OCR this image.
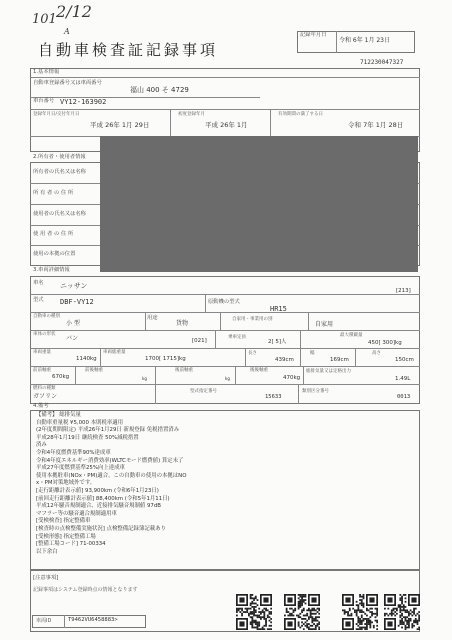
101 2/12
A
自動車検査証記録事項
記録年月日
令和 6年 1月 23日
712230047327
1.基本情報
自動車登録番号又は車両番号
福山 400 そ 4729
車台番号 VY12-163902
登録年月日/交付年月日
平成 26年 1月 29日
初度登録年月
平成 26年 1月
有効期間の満了する日
令和 7年 1月 28日
2.所有者・使用者情報
所有者の氏名又は名称
所 有 者 の 住 所
使用者の氏名又は名称
使 用 者 の 住 所
使用の本拠の位置
3.車両詳細情報
車名 ニッサン
[213]
型式 DBF-VY12	原動機の型式
HR15
自動車の種別
小 型
用途
貨物
自家用・事業用の別
自家用
車体の形状
バン	[021]
乗車定員
2[ 5]人
最大積載量
450[ 300]kg
車両重量
1140kg
車両総重量
1700[ 1715]kg
長さ
439cm
幅
169cm
高さ
150cm
前前軸重
670kg
前後軸重
kg
後前軸重
kg
後後軸重
470kg
総排気量又は定格出力
1.49L
燃料の種類
ガソリン
型式指定番号
15633
類別区分番号
0013
4.備考
【備考】 総排気量
自動車重量税 ¥5,000 本則税率適用
(2年度期間限定) 平成26年1月29日 新規登録 免税措置済み
平成28年1月19日 継続検査 50%減税措置
済み
令和4年度燃費基準90%達成車
令和4年度エネルギー消費効率(WLTCモード燃費値) 算定未了
平成27年度燃費基準25%向上達成車
使用本拠駐車(NOx・PM)適合。この自動車の使用の本拠はNO
x・PM対策地域外です。
[走行距離計表示値] 93,900km (令和6年1月23日)
[前回走行距離計表示値] 88,400km (令和5年1月11日)
平成12年騒音規制適合、近接排気騒音規制値 97dB
マフラー等の騒音適合規制適用車
[受検検査] 指定整備車
[検査時の点検整備実施状況] 点検整備記録簿記載あり
[受検形態] 指定整備工場
[整備工場コード] 71-00334
以下余白
[注意事項]
記録事項はシステム登録時点の情報となります
車両ID	T9462VU6458883>
